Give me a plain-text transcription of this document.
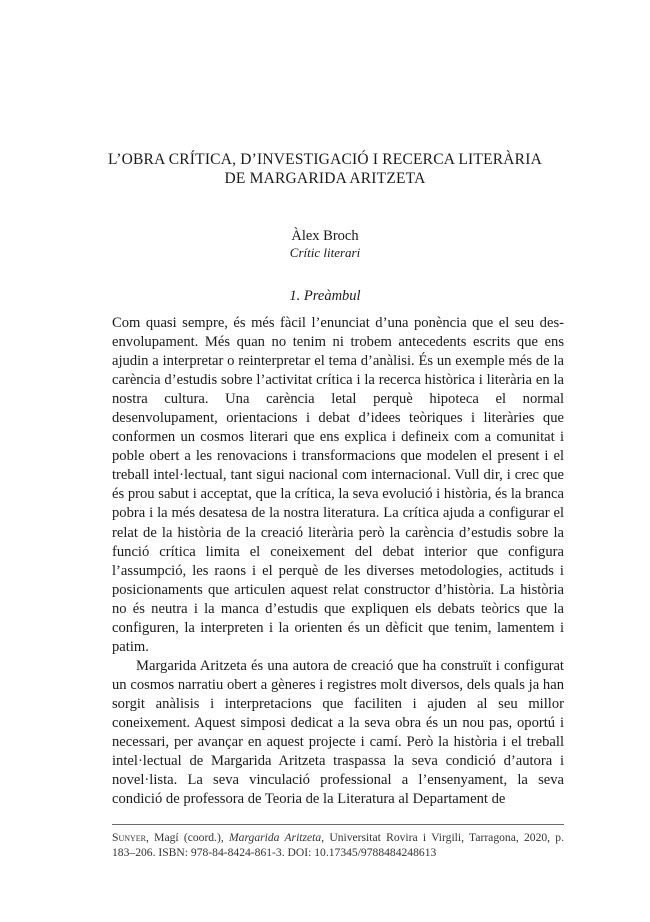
L’OBRA CRÍTICA, D’INVESTIGACIÓ I RECERCA LITERÀRIA
DE MARGARIDA ARITZETA
Àlex Broch
Crític literari
1. Preàmbul

Com quasi sempre, és més fàcil l’enunciat d’una ponència que el seu desenvolupament. Més quan no tenim ni trobem antecedents escrits que ens ajudin a interpretar o reinterpretar el tema d’anàlisi. És un exemple més de la carència d’estudis sobre l’activitat crítica i la recerca històrica i literària en la nostra cultura. Una carència letal perquè hipoteca el normal desenvolupament, orientacions i debat d’idees teòriques i literàries que conformen un cosmos literari que ens explica i defineix com a comunitat i poble obert a les renovacions i transformacions que modelen el present i el treball intel·lectual, tant sigui nacional com internacional. Vull dir, i crec que és prou sabut i acceptat, que la crítica, la seva evolució i història, és la branca pobra i la més desatesa de la nostra literatura. La crítica ajuda a configurar el relat de la història de la creació literària però la carència d’estudis sobre la funció crítica limita el coneixement del debat interior que configura l’assumpció, les raons i el perquè de les diverses metodologies, actituds i posicionaments que articulen aquest relat constructor d’història. La història no és neutra i la manca d’estudis que expliquen els debats teòrics que la configuren, la interpreten i la orienten és un dèficit que tenim, lamentem i patim.

Margarida Aritzeta és una autora de creació que ha construït i configurat un cosmos narratiu obert a gèneres i registres molt diversos, dels quals ja han sorgit anàlisis i interpretacions que faciliten i ajuden al seu millor coneixement. Aquest simposi dedicat a la seva obra és un nou pas, oportú i necessari, per avançar en aquest projecte i camí. Però la història i el treball intel·lectual de Margarida Aritzeta traspassa la seva condició d’autora i novel·lista. La seva vinculació professional a l’ensenyament, la seva condició de professora de Teoria de la Literatura al Departament de

Sunyer, Magí (coord.), Margarida Aritzeta, Universitat Rovira i Virgili, Tarragona, 2020, p. 183–206. ISBN: 978-84-8424-861-3. DOI: 10.17345/9788484248613
